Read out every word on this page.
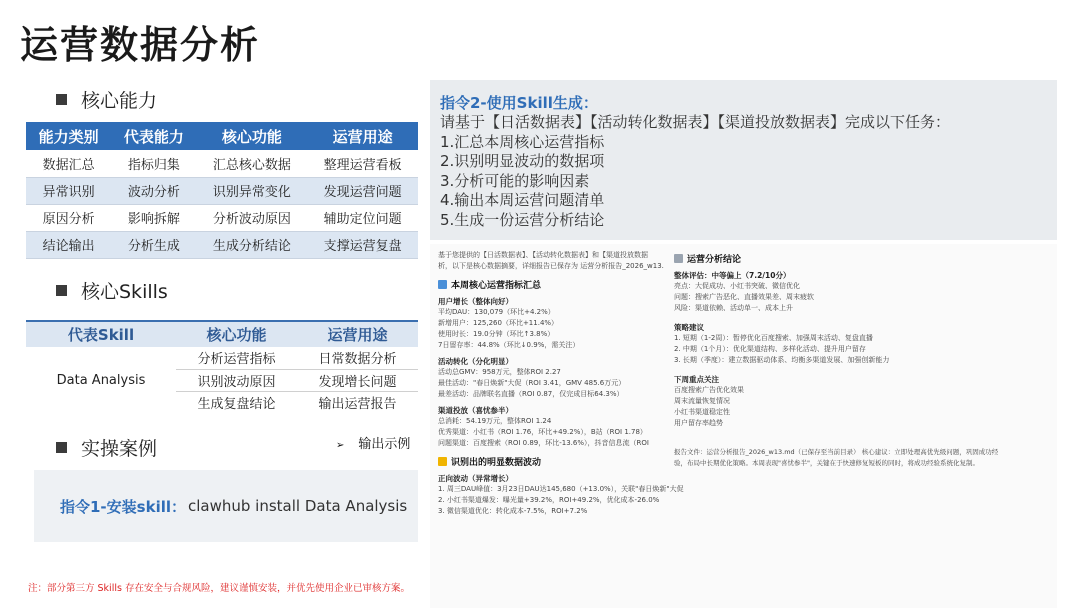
运营数据分析
核心能力
能力类别	代表能力	核心功能	运营用途
数据汇总	指标归集	汇总核心数据	整理运营看板
异常识别	波动分析	识别异常变化	发现运营问题
原因分析	影响拆解	分析波动原因	辅助定位问题
结论输出	分析生成	生成分析结论	支撑运营复盘
核心Skills
代表Skill	核心功能	运营用途
Data Analysis	分析运营指标	日常数据分析
	识别波动原因	发现增长问题
	生成复盘结论	输出运营报告
实操案例	➢ 输出示例
指令1-安装skill： clawhub install Data Analysis
注：部分第三方 Skills 存在安全与合规风险，建议谨慎安装，并优先使用企业已审核方案。
指令2-使用Skill生成：
请基于【日活数据表】【活动转化数据表】【渠道投放数据表】完成以下任务：
1.汇总本周核心运营指标
2.识别明显波动的数据项
3.分析可能的影响因素
4.输出本周运营问题清单
5.生成一份运营分析结论
基于您提供的【日活数据表】、【活动转化数据表】和【渠道投放数据
析，以下是核心数据摘要，详细报告已保存为 运营分析报告_2026_w13.
本周核心运营指标汇总
用户增长（整体向好）
平均DAU：130,079（环比+4.2%）
新增用户：125,260（环比+11.4%）
使用时长：19.0分钟（环比↑3.8%）
7日留存率：44.8%（环比↓0.9%，需关注）
活动转化（分化明显）
活动总GMV：958万元，整体ROI 2.27
最佳活动："春日焕新"大促（ROI 3.41，GMV 485.6万元）
最差活动：品牌联名直播（ROI 0.87，仅完成目标64.3%）
渠道投放（喜忧参半）
总消耗：54.19万元，整体ROI 1.24
优秀渠道：小红书（ROI 1.76，环比+49.2%），B站（ROI 1.78）
问题渠道：百度搜索（ROI 0.89，环比-13.6%），抖音信息流（ROI
识别出的明显数据波动
正向波动（异常增长）
1. 周三DAU峰值：3月23日DAU达145,680（+13.0%），关联"春日焕新"大促
2. 小红书渠道爆发：曝光量+39.2%，ROI+49.2%，优化成本-26.0%
3. 微信渠道优化：转化成本-7.5%，ROI+7.2%
运营分析结论
整体评估：中等偏上（7.2/10分）
亮点：大促成功、小红书突破、微信优化
问题：搜索广告恶化、直播效果差、周末疲软
风险：渠道依赖、活动单一、成本上升
策略建议
1. 短期（1-2周）：暂停优化百度搜索、加强周末活动、复盘直播
2. 中期（1个月）：优化渠道结构、多样化活动、提升用户留存
3. 长期（季度）：建立数据驱动体系、均衡多渠道发展、加强创新能力
下周重点关注
百度搜索广告优化效果
周末流量恢复情况
小红书渠道稳定性
用户留存率趋势
报告文件：运营分析报告_2026_w13.md（已保存至当前目录） 核心建议：立即处理高优先级问题，巩固成功经
验，布局中长期优化策略。本周表现"喜忧参半"，关键在于快速修复短板的同时，将成功经验系统化复制。
